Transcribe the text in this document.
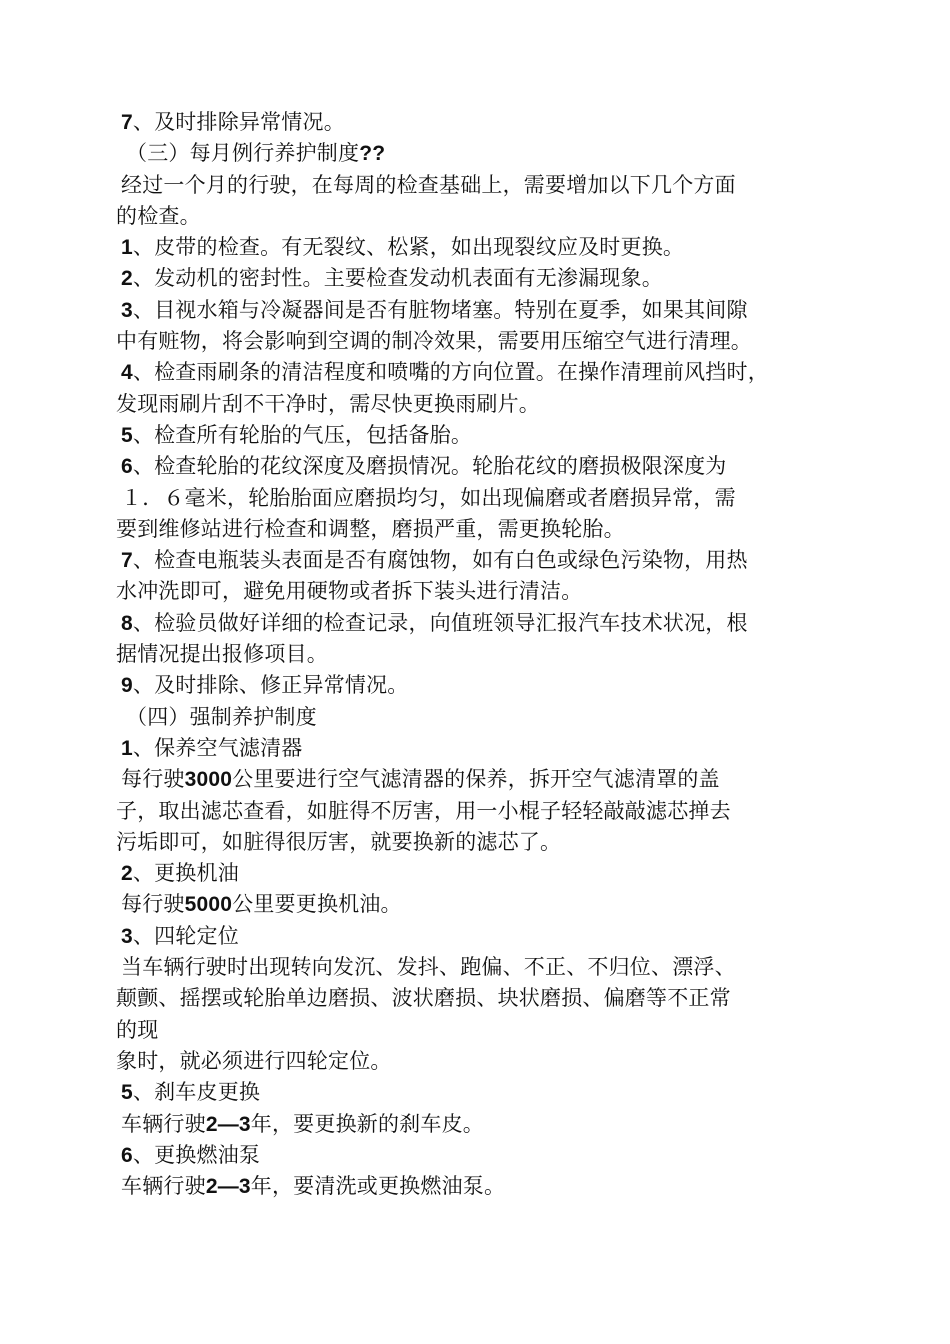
7、及时排除异常情况。
（三）每月例行养护制度??
经过一个月的行驶，在每周的检查基础上，需要增加以下几个方面
的检查。
1、皮带的检查。有无裂纹、松紧，如出现裂纹应及时更换。
2、发动机的密封性。主要检查发动机表面有无渗漏现象。
3、目视水箱与冷凝器间是否有脏物堵塞。特别在夏季，如果其间隙
中有赃物，将会影响到空调的制冷效果，需要用压缩空气进行清理。
4、检查雨刷条的清洁程度和喷嘴的方向位置。在操作清理前风挡时，
发现雨刷片刮不干净时，需尽快更换雨刷片。
5、检查所有轮胎的气压，包括备胎。
6、检查轮胎的花纹深度及磨损情况。轮胎花纹的磨损极限深度为
１．６毫米，轮胎胎面应磨损均匀，如出现偏磨或者磨损异常，需
要到维修站进行检查和调整，磨损严重，需更换轮胎。
7、检查电瓶装头表面是否有腐蚀物，如有白色或绿色污染物，用热
水冲洗即可，避免用硬物或者拆下装头进行清洁。
8、检验员做好详细的检查记录，向值班领导汇报汽车技术状况，根
据情况提出报修项目。
9、及时排除、修正异常情况。
（四）强制养护制度
1、保养空气滤清器
每行驶3000公里要进行空气滤清器的保养，拆开空气滤清罩的盖
子，取出滤芯查看，如脏得不厉害，用一小棍子轻轻敲敲滤芯掸去
污垢即可，如脏得很厉害，就要换新的滤芯了。
2、更换机油
每行驶5000公里要更换机油。
3、四轮定位
当车辆行驶时出现转向发沉、发抖、跑偏、不正、不归位、漂浮、
颠颤、摇摆或轮胎单边磨损、波状磨损、块状磨损、偏磨等不正常
的现
象时，就必须进行四轮定位。
5、刹车皮更换
车辆行驶2—3年，要更换新的刹车皮。
6、更换燃油泵
车辆行驶2—3年，要清洗或更换燃油泵。
